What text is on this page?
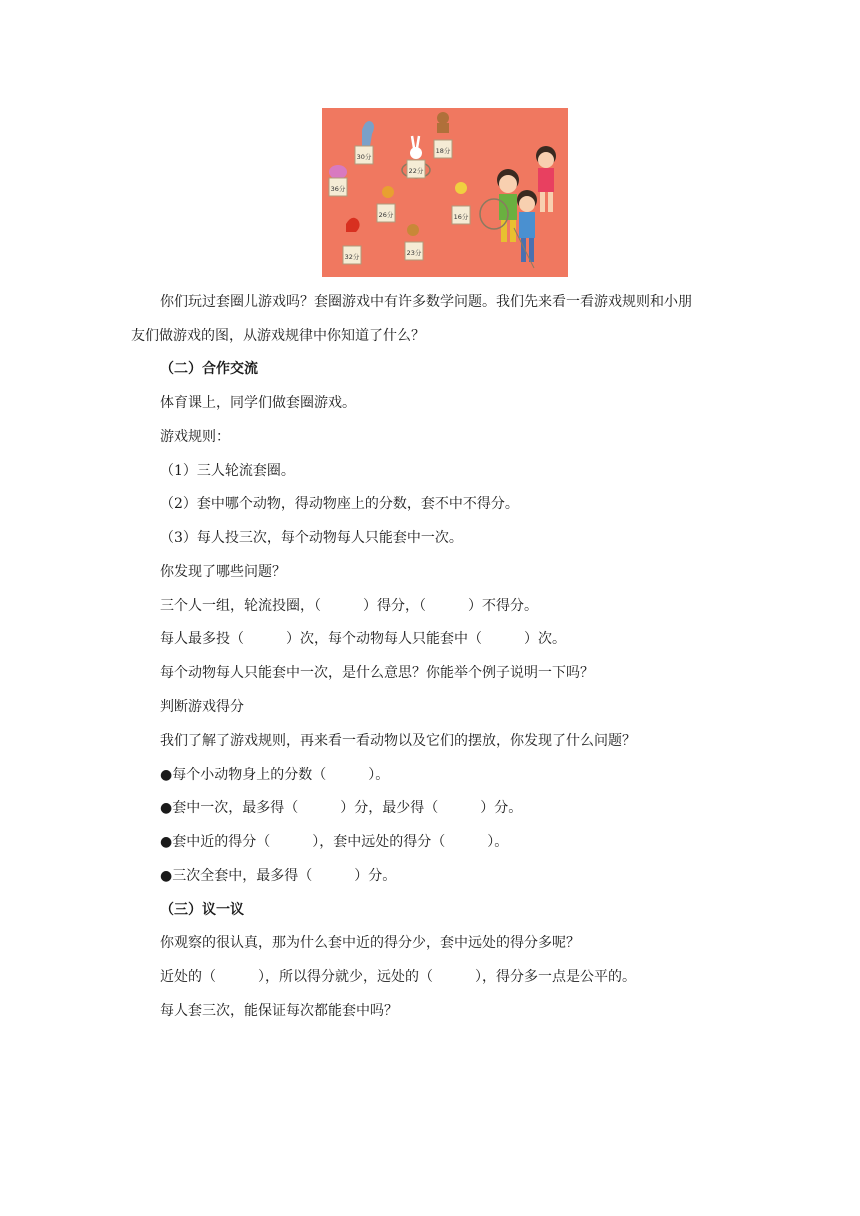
30分
36分
22分
18分
26分	16分
32分	23分
你们玩过套圈儿游戏吗？套圈游戏中有许多数学问题。我们先来看一看游戏规则和小朋
友们做游戏的图，从游戏规律中你知道了什么？
（二）合作交流
体育课上，同学们做套圈游戏。
游戏规则：
（1）三人轮流套圈。
（2）套中哪个动物，得动物座上的分数，套不中不得分。
（3）每人投三次，每个动物每人只能套中一次。
你发现了哪些问题？
三个人一组，轮流投圈，（　　　）得分，（　　　）不得分。
每人最多投（　　　）次，每个动物每人只能套中（　　　）次。
每个动物每人只能套中一次，是什么意思？你能举个例子说明一下吗？
判断游戏得分
我们了解了游戏规则，再来看一看动物以及它们的摆放，你发现了什么问题？
●每个小动物身上的分数（　　　）。
●套中一次，最多得（　　　）分，最少得（　　　）分。
●套中近的得分（　　　），套中远处的得分（　　　）。
●三次全套中，最多得（　　　）分。
（三）议一议
你观察的很认真，那为什么套中近的得分少，套中远处的得分多呢？
近处的（　　　），所以得分就少，远处的（　　　），得分多一点是公平的。
每人套三次，能保证每次都能套中吗？
